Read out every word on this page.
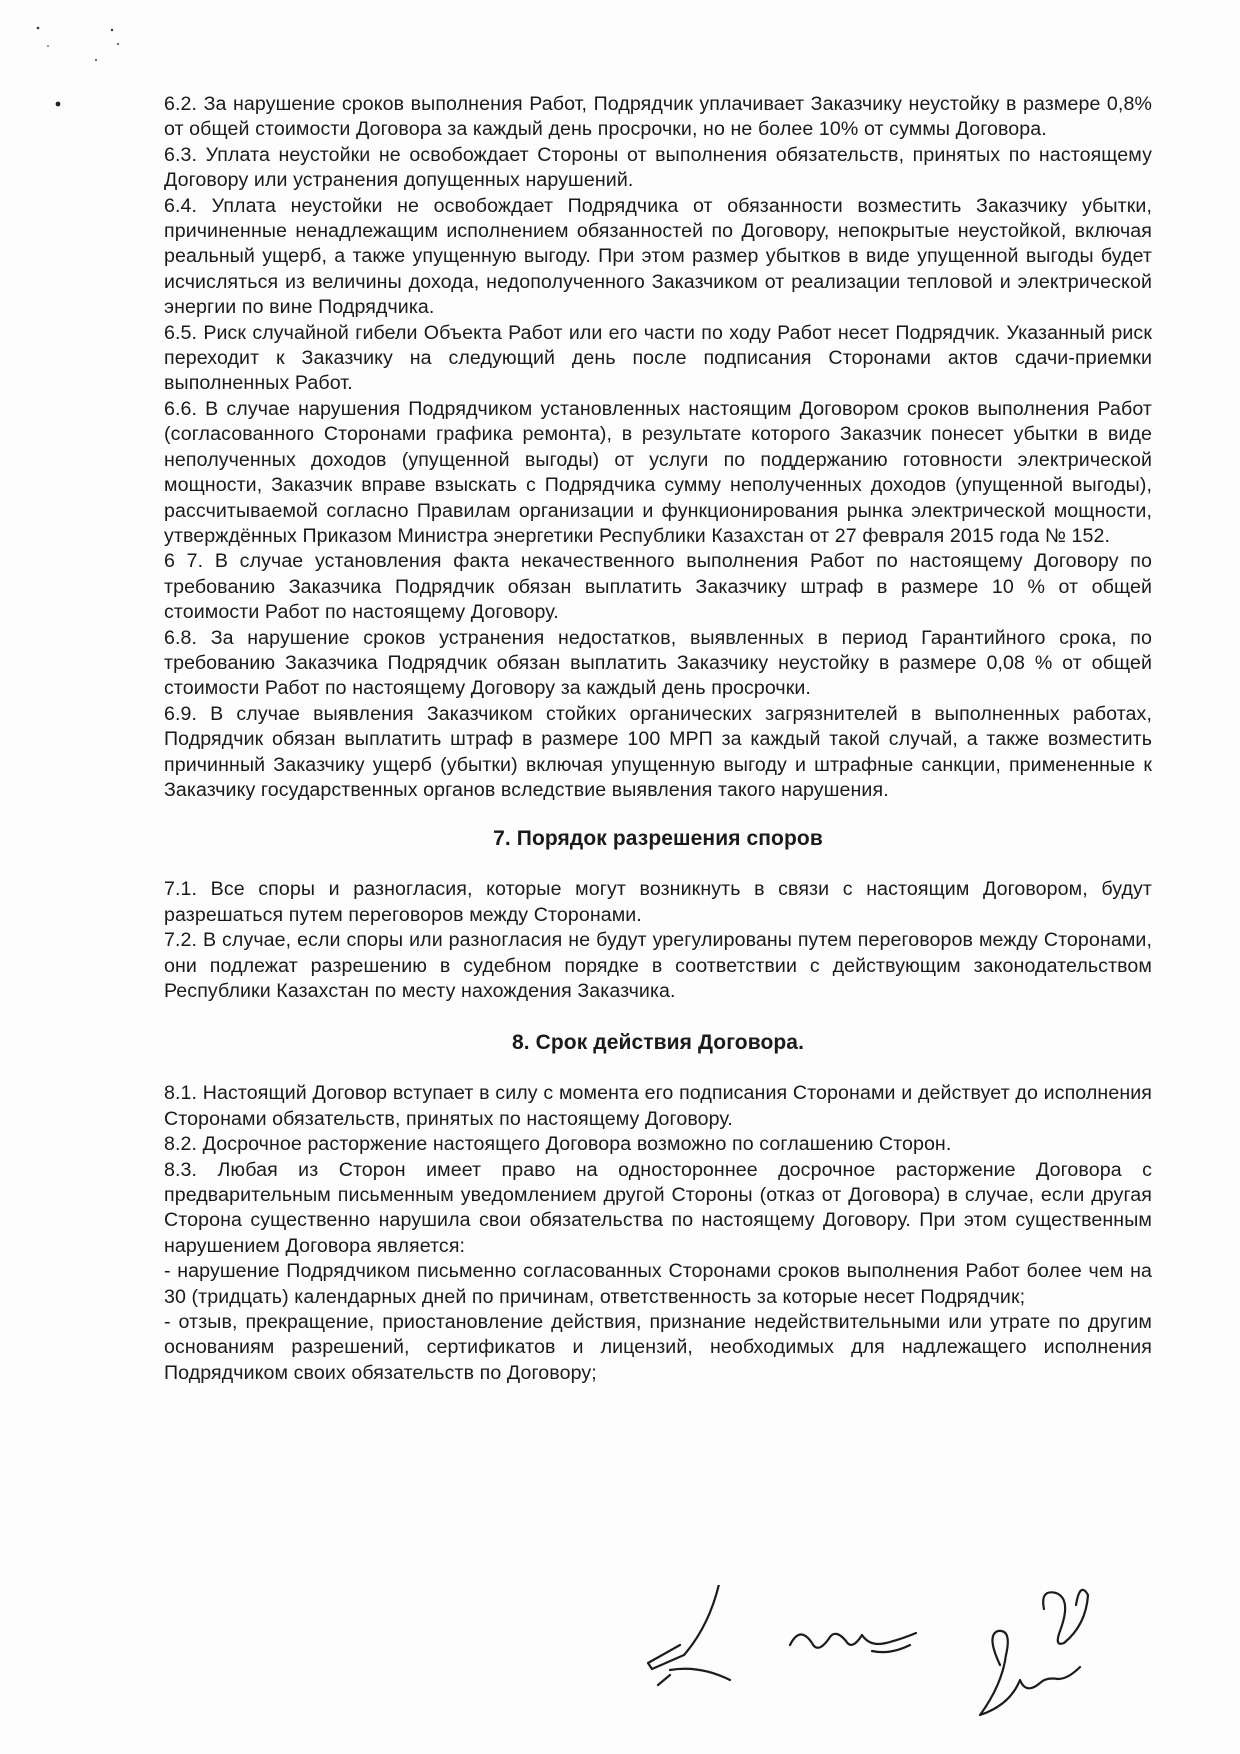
6.2. За нарушение сроков выполнения Работ, Подрядчик уплачивает Заказчику неустойку в размере 0,8% от общей стоимости Договора за каждый день просрочки, но не более 10% от суммы Договора.

6.3. Уплата неустойки не освобождает Стороны от выполнения обязательств, принятых по настоящему Договору или устранения допущенных нарушений.

6.4. Уплата неустойки не освобождает Подрядчика от обязанности возместить Заказчику убытки, причиненные ненадлежащим исполнением обязанностей по Договору, непокрытые неустойкой, включая реальный ущерб, а также упущенную выгоду. При этом размер убытков в виде упущенной выгоды будет исчисляться из величины дохода, недополученного Заказчиком от реализации тепловой и электрической энергии по вине Подрядчика.

6.5. Риск случайной гибели Объекта Работ или его части по ходу Работ несет Подрядчик. Указанный риск переходит к Заказчику на следующий день после подписания Сторонами актов сдачи-приемки выполненных Работ.

6.6. В случае нарушения Подрядчиком установленных настоящим Договором сроков выполнения Работ (согласованного Сторонами графика ремонта), в результате которого Заказчик понесет убытки в виде неполученных доходов (упущенной выгоды) от услуги по поддержанию готовности электрической мощности, Заказчик вправе взыскать с Подрядчика сумму неполученных доходов (упущенной выгоды), рассчитываемой согласно Правилам организации и функционирования рынка электрической мощности, утверждённых Приказом Министра энергетики Республики Казахстан от 27 февраля 2015 года № 152.

6 7. В случае установления факта некачественного выполнения Работ по настоящему Договору по требованию Заказчика Подрядчик обязан выплатить Заказчику штраф в размере 10 % от общей стоимости Работ по настоящему Договору.

6.8. За нарушение сроков устранения недостатков, выявленных в период Гарантийного срока, по требованию Заказчика Подрядчик обязан выплатить Заказчику неустойку в размере 0,08 % от общей стоимости Работ по настоящему Договору за каждый день просрочки.

6.9. В случае выявления Заказчиком стойких органических загрязнителей в выполненных работах, Подрядчик обязан выплатить штраф в размере 100 МРП за каждый такой случай, а также возместить причинный Заказчику ущерб (убытки) включая упущенную выгоду и штрафные санкции, примененные к Заказчику государственных органов вследствие выявления такого нарушения.

7. Порядок разрешения споров

7.1. Все споры и разногласия, которые могут возникнуть в связи с настоящим Договором, будут разрешаться путем переговоров между Сторонами.

7.2. В случае, если споры или разногласия не будут урегулированы путем переговоров между Сторонами, они подлежат разрешению в судебном порядке в соответствии с действующим законодательством Республики Казахстан по месту нахождения Заказчика.

8. Срок действия Договора.

8.1. Настоящий Договор вступает в силу с момента его подписания Сторонами и действует до исполнения Сторонами обязательств, принятых по настоящему Договору.

8.2. Досрочное расторжение настоящего Договора возможно по соглашению Сторон.

8.3. Любая из Сторон имеет право на одностороннее досрочное расторжение Договора с предварительным письменным уведомлением другой Стороны (отказ от Договора) в случае, если другая Сторона существенно нарушила свои обязательства по настоящему Договору. При этом существенным нарушением Договора является:

- нарушение Подрядчиком письменно согласованных Сторонами сроков выполнения Работ более чем на 30 (тридцать) календарных дней по причинам, ответственность за которые несет Подрядчик;

- отзыв, прекращение, приостановление действия, признание недействительными или утрате по другим основаниям разрешений, сертификатов и лицензий, необходимых для надлежащего исполнения Подрядчиком своих обязательств по Договору;
